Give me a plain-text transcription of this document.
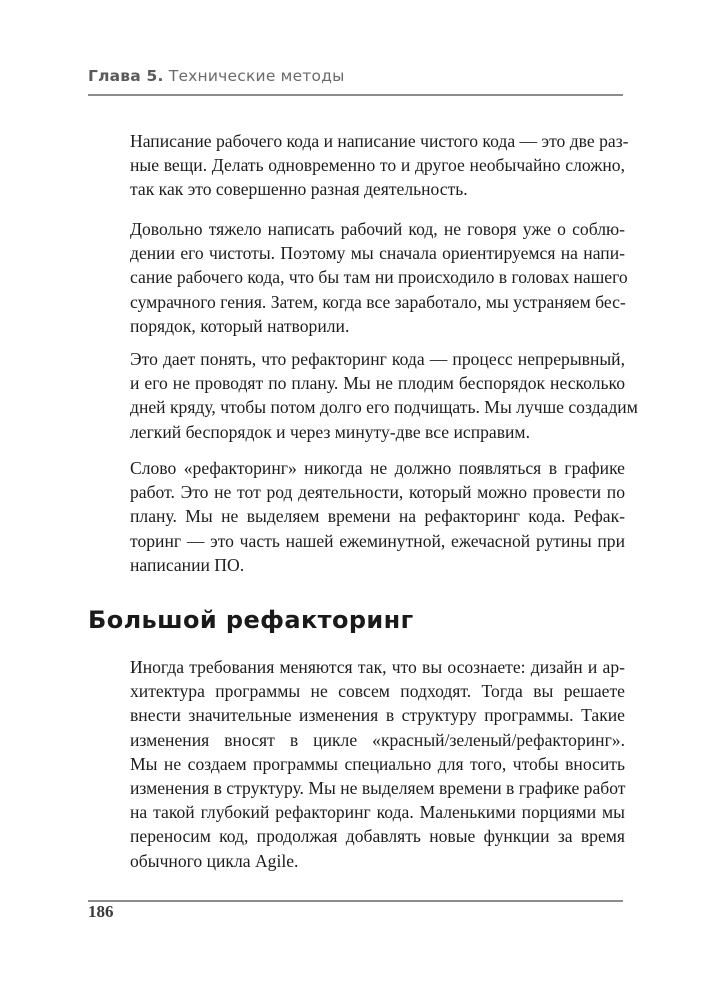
Глава 5. Технические методы
Написание рабочего кода и написание чистого кода — это две раз-
ные вещи. Делать одновременно то и другое необычайно сложно,
так как это совершенно разная деятельность.
Довольно тяжело написать рабочий код, не говоря уже о соблю-
дении его чистоты. Поэтому мы сначала ориентируемся на напи-
сание рабочего кода, что бы там ни происходило в головах нашего
сумрачного гения. Затем, когда все заработало, мы устраняем бес-
порядок, который натворили.
Это дает понять, что рефакторинг кода — процесс непрерывный,
и его не проводят по плану. Мы не плодим беспорядок несколько
дней кряду, чтобы потом долго его подчищать. Мы лучше создадим
легкий беспорядок и через минуту-две все исправим.
Слово «рефакторинг» никогда не должно появляться в графике
работ. Это не тот род деятельности, который можно провести по
плану. Мы не выделяем времени на рефакторинг кода. Рефак-
торинг — это часть нашей ежеминутной, ежечасной рутины при
написании ПО.
Большой рефакторинг
Иногда требования меняются так, что вы осознаете: дизайн и ар-
хитектура программы не совсем подходят. Тогда вы решаете
внести значительные изменения в структуру программы. Такие
изменения вносят в цикле «красный/зеленый/рефакторинг».
Мы не создаем программы специально для того, чтобы вносить
изменения в структуру. Мы не выделяем времени в графике работ
на такой глубокий рефакторинг кода. Маленькими порциями мы
переносим код, продолжая добавлять новые функции за время
обычного цикла Agile.
186
